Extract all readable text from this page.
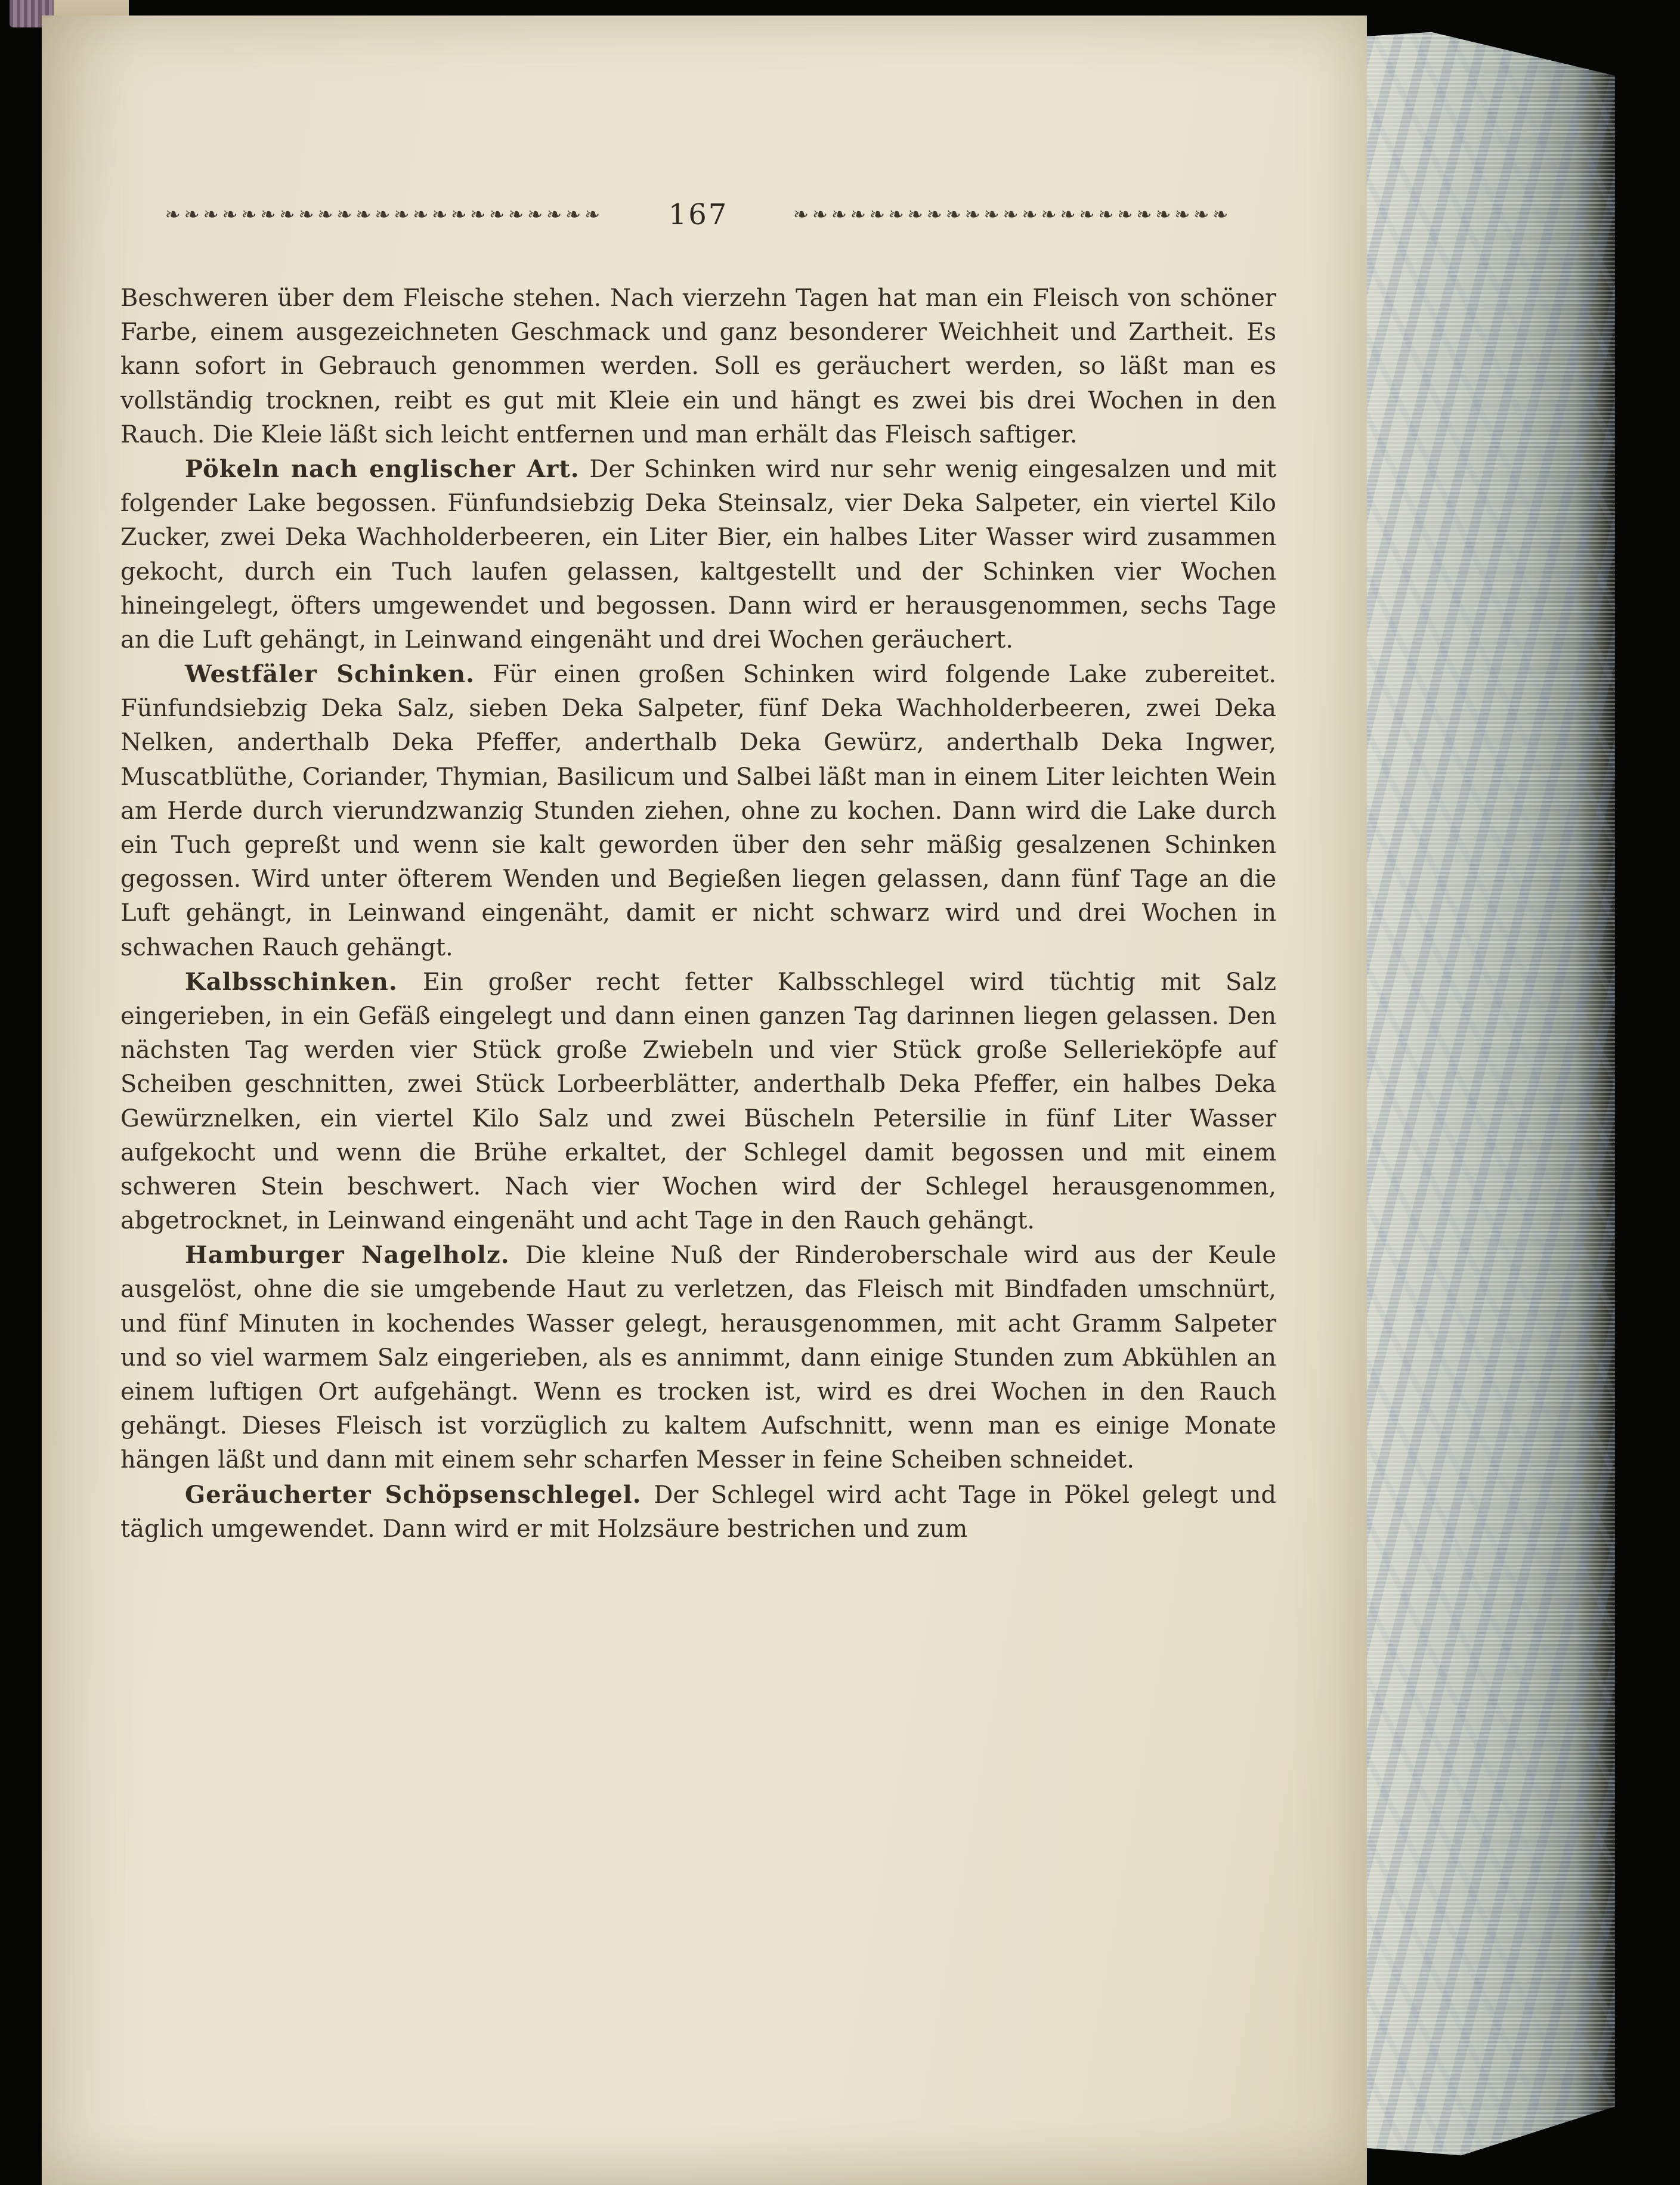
❧❧❧❧❧❧❧❧❧❧❧❧❧❧❧❧❧❧❧❧❧❧❧	167	❧❧❧❧❧❧❧❧❧❧❧❧❧❧❧❧❧❧❧❧❧❧❧

Beschweren über dem Fleische stehen. Nach vierzehn Tagen hat man ein Fleisch von schöner Farbe, einem ausgezeichneten Geschmack und ganz besonderer Weichheit und Zartheit. Es kann sofort in Gebrauch genommen werden. Soll es geräuchert werden, so läßt man es vollständig trocknen, reibt es gut mit Kleie ein und hängt es zwei bis drei Wochen in den Rauch. Die Kleie läßt sich leicht entfernen und man erhält das Fleisch saftiger.

Pökeln nach englischer Art. Der Schinken wird nur sehr wenig eingesalzen und mit folgender Lake begossen. Fünfundsiebzig Deka Steinsalz, vier Deka Salpeter, ein viertel Kilo Zucker, zwei Deka Wachholderbeeren, ein Liter Bier, ein halbes Liter Wasser wird zusammen gekocht, durch ein Tuch laufen gelassen, kaltgestellt und der Schinken vier Wochen hineingelegt, öfters umgewendet und begossen. Dann wird er herausgenommen, sechs Tage an die Luft gehängt, in Leinwand eingenäht und drei Wochen geräuchert.

Westfäler Schinken. Für einen großen Schinken wird folgende Lake zubereitet. Fünfundsiebzig Deka Salz, sieben Deka Salpeter, fünf Deka Wachholderbeeren, zwei Deka Nelken, anderthalb Deka Pfeffer, anderthalb Deka Gewürz, anderthalb Deka Ingwer, Muscatblüthe, Coriander, Thymian, Basilicum und Salbei läßt man in einem Liter leichten Wein am Herde durch vierundzwanzig Stunden ziehen, ohne zu kochen. Dann wird die Lake durch ein Tuch gepreßt und wenn sie kalt geworden über den sehr mäßig gesalzenen Schinken gegossen. Wird unter öfterem Wenden und Begießen liegen gelassen, dann fünf Tage an die Luft gehängt, in Leinwand eingenäht, damit er nicht schwarz wird und drei Wochen in schwachen Rauch gehängt.

Kalbsschinken. Ein großer recht fetter Kalbsschlegel wird tüchtig mit Salz eingerieben, in ein Gefäß eingelegt und dann einen ganzen Tag darinnen liegen gelassen. Den nächsten Tag werden vier Stück große Zwiebeln und vier Stück große Sellerieköpfe auf Scheiben geschnitten, zwei Stück Lorbeerblätter, anderthalb Deka Pfeffer, ein halbes Deka Gewürznelken, ein viertel Kilo Salz und zwei Büscheln Petersilie in fünf Liter Wasser aufgekocht und wenn die Brühe erkaltet, der Schlegel damit begossen und mit einem schweren Stein beschwert. Nach vier Wochen wird der Schlegel herausgenommen, abgetrocknet, in Leinwand eingenäht und acht Tage in den Rauch gehängt.

Hamburger Nagelholz. Die kleine Nuß der Rinderoberschale wird aus der Keule ausgelöst, ohne die sie umgebende Haut zu verletzen, das Fleisch mit Bindfaden umschnürt, und fünf Minuten in kochendes Wasser gelegt, herausgenommen, mit acht Gramm Salpeter und so viel warmem Salz eingerieben, als es annimmt, dann einige Stunden zum Abkühlen an einem luftigen Ort aufgehängt. Wenn es trocken ist, wird es drei Wochen in den Rauch gehängt. Dieses Fleisch ist vorzüglich zu kaltem Aufschnitt, wenn man es einige Monate hängen läßt und dann mit einem sehr scharfen Messer in feine Scheiben schneidet.

Geräucherter Schöpsenschlegel. Der Schlegel wird acht Tage in Pökel gelegt und täglich umgewendet. Dann wird er mit Holzsäure bestrichen und zum
